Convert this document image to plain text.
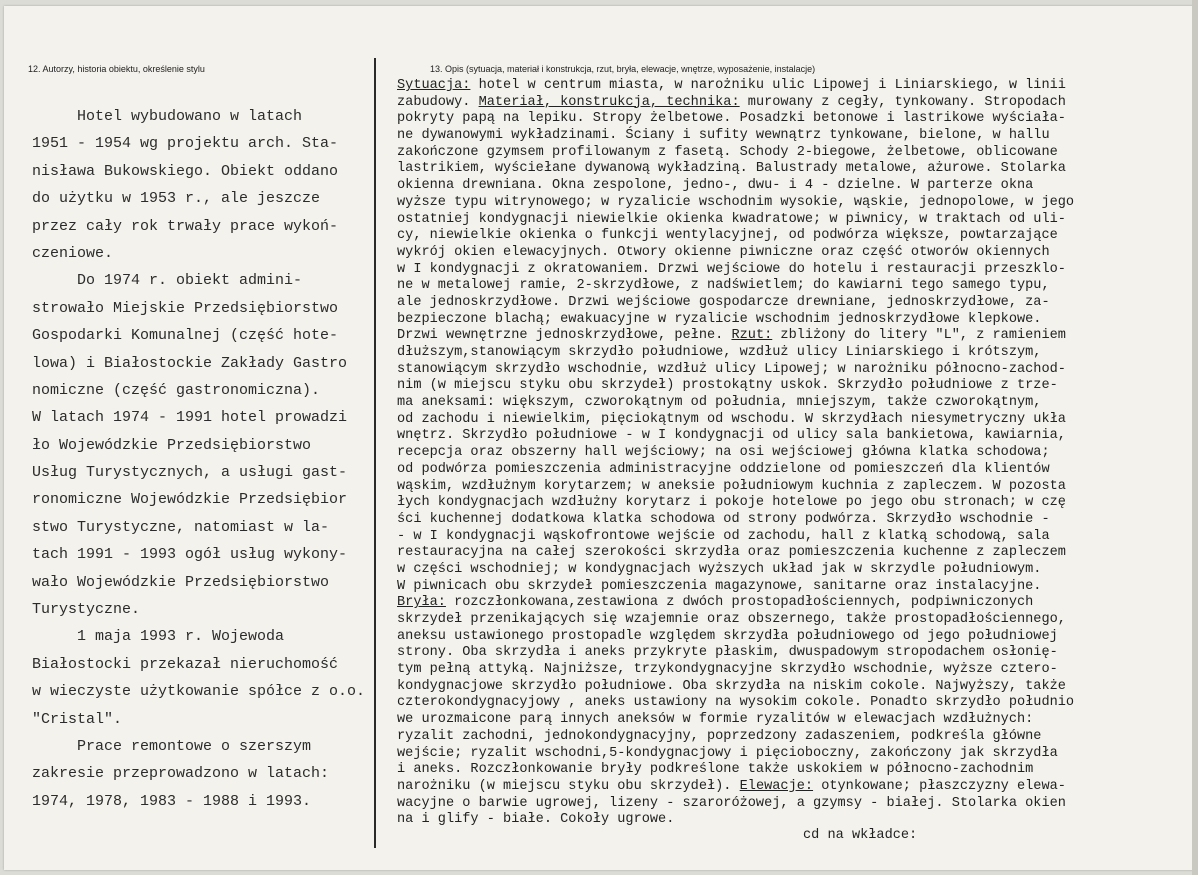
12. Autorzy, historia obiektu, określenie stylu	13. Opis (sytuacja, materiał i konstrukcja, rzut, bryła, elewacje, wnętrze, wyposażenie, instalacje)
Hotel wybudowano w latach
1951 - 1954 wg projektu arch. Sta-
nisława Bukowskiego. Obiekt oddano
do użytku w 1953 r., ale jeszcze
przez cały rok trwały prace wykoń-
czeniowe.
Do 1974 r. obiekt admini-
strowało Miejskie Przedsiębiorstwo
Gospodarki Komunalnej (część hote-
lowa) i Białostockie Zakłady Gastro
nomiczne (część gastronomiczna).
W latach 1974 - 1991 hotel prowadzi
ło Wojewódzkie Przedsiębiorstwo
Usług Turystycznych, a usługi gast-
ronomiczne Wojewódzkie Przedsiębior
stwo Turystyczne, natomiast w la-
tach 1991 - 1993 ogół usług wykony-
wało Wojewódzkie Przedsiębiorstwo
Turystyczne.
1 maja 1993 r. Wojewoda
Białostocki przekazał nieruchomość
w wieczyste użytkowanie spółce z o.o.
"Cristal".
Prace remontowe o szerszym
zakresie przeprowadzono w latach:
1974, 1978, 1983 - 1988 i 1993.
Sytuacja: hotel w centrum miasta, w narożniku ulic Lipowej i Liniarskiego, w linii
zabudowy. Materiał, konstrukcja, technika: murowany z cegły, tynkowany. Stropodach
pokryty papą na lepiku. Stropy żelbetowe. Posadzki betonowe i lastrikowe wyściała-
ne dywanowymi wykładzinami. Ściany i sufity wewnątrz tynkowane, bielone, w hallu
zakończone gzymsem profilowanym z fasetą. Schody 2-biegowe, żelbetowe, oblicowane
lastrikiem, wyściełane dywanową wykładziną. Balustrady metalowe, ażurowe. Stolarka
okienna drewniana. Okna zespolone, jedno-, dwu- i 4 - dzielne. W parterze okna
wyższe typu witrynowego; w ryzalicie wschodnim wysokie, wąskie, jednopolowe, w jego
ostatniej kondygnacji niewielkie okienka kwadratowe; w piwnicy, w traktach od uli-
cy, niewielkie okienka o funkcji wentylacyjnej, od podwórza większe, powtarzające
wykrój okien elewacyjnych. Otwory okienne piwniczne oraz część otworów okiennych
w I kondygnacji z okratowaniem. Drzwi wejściowe do hotelu i restauracji przeszklo-
ne w metalowej ramie, 2-skrzydłowe, z nadświetlem; do kawiarni tego samego typu,
ale jednoskrzydłowe. Drzwi wejściowe gospodarcze drewniane, jednoskrzydłowe, za-
bezpieczone blachą; ewakuacyjne w ryzalicie wschodnim jednoskrzydłowe klepkowe.
Drzwi wewnętrzne jednoskrzydłowe, pełne. Rzut: zbliżony do litery "L", z ramieniem
dłuższym,stanowiącym skrzydło południowe, wzdłuż ulicy Liniarskiego i krótszym,
stanowiącym skrzydło wschodnie, wzdłuż ulicy Lipowej; w narożniku północno-zachod-
nim (w miejscu styku obu skrzydeł) prostokątny uskok. Skrzydło południowe z trze-
ma aneksami: większym, czworokątnym od południa, mniejszym, także czworokątnym,
od zachodu i niewielkim, pięciokątnym od wschodu. W skrzydłach niesymetryczny ukła
wnętrz. Skrzydło południowe - w I kondygnacji od ulicy sala bankietowa, kawiarnia,
recepcja oraz obszerny hall wejściowy; na osi wejściowej główna klatka schodowa;
od podwórza pomieszczenia administracyjne oddzielone od pomieszczeń dla klientów
wąskim, wzdłużnym korytarzem; w aneksie południowym kuchnia z zapleczem. W pozosta
łych kondygnacjach wzdłużny korytarz i pokoje hotelowe po jego obu stronach; w czę
ści kuchennej dodatkowa klatka schodowa od strony podwórza. Skrzydło wschodnie -
- w I kondygnacji wąskofrontowe wejście od zachodu, hall z klatką schodową, sala
restauracyjna na całej szerokości skrzydła oraz pomieszczenia kuchenne z zapleczem
w części wschodniej; w kondygnacjach wyższych układ jak w skrzydle południowym.
W piwnicach obu skrzydeł pomieszczenia magazynowe, sanitarne oraz instalacyjne.
Bryła: rozczłonkowana,zestawiona z dwóch prostopadłościennych, podpiwniczonych
skrzydeł przenikających się wzajemnie oraz obszernego, także prostopadłościennego,
aneksu ustawionego prostopadle względem skrzydła południowego od jego południowej
strony. Oba skrzydła i aneks przykryte płaskim, dwuspadowym stropodachem osłonię-
tym pełną attyką. Najniższe, trzykondygnacyjne skrzydło wschodnie, wyższe cztero-
kondygnacjowe skrzydło południowe. Oba skrzydła na niskim cokole. Najwyższy, także
czterokondygnacyjowy , aneks ustawiony na wysokim cokole. Ponadto skrzydło południo
we urozmaicone parą innych aneksów w formie ryzalitów w elewacjach wzdłużnych:
ryzalit zachodni, jednokondygnacyjny, poprzedzony zadaszeniem, podkreśla główne
wejście; ryzalit wschodni,5-kondygnacjowy i pięcioboczny, zakończony jak skrzydła
i aneks. Rozczłonkowanie bryły podkreślone także uskokiem w północno-zachodnim
narożniku (w miejscu styku obu skrzydeł). Elewacje: otynkowane; płaszczyzny elewa-
wacyjne o barwie ugrowej, lizeny - szaroróżowej, a gzymsy - białej. Stolarka okien
na i glify - białe. Cokoły ugrowe.
cd na wkładce:
